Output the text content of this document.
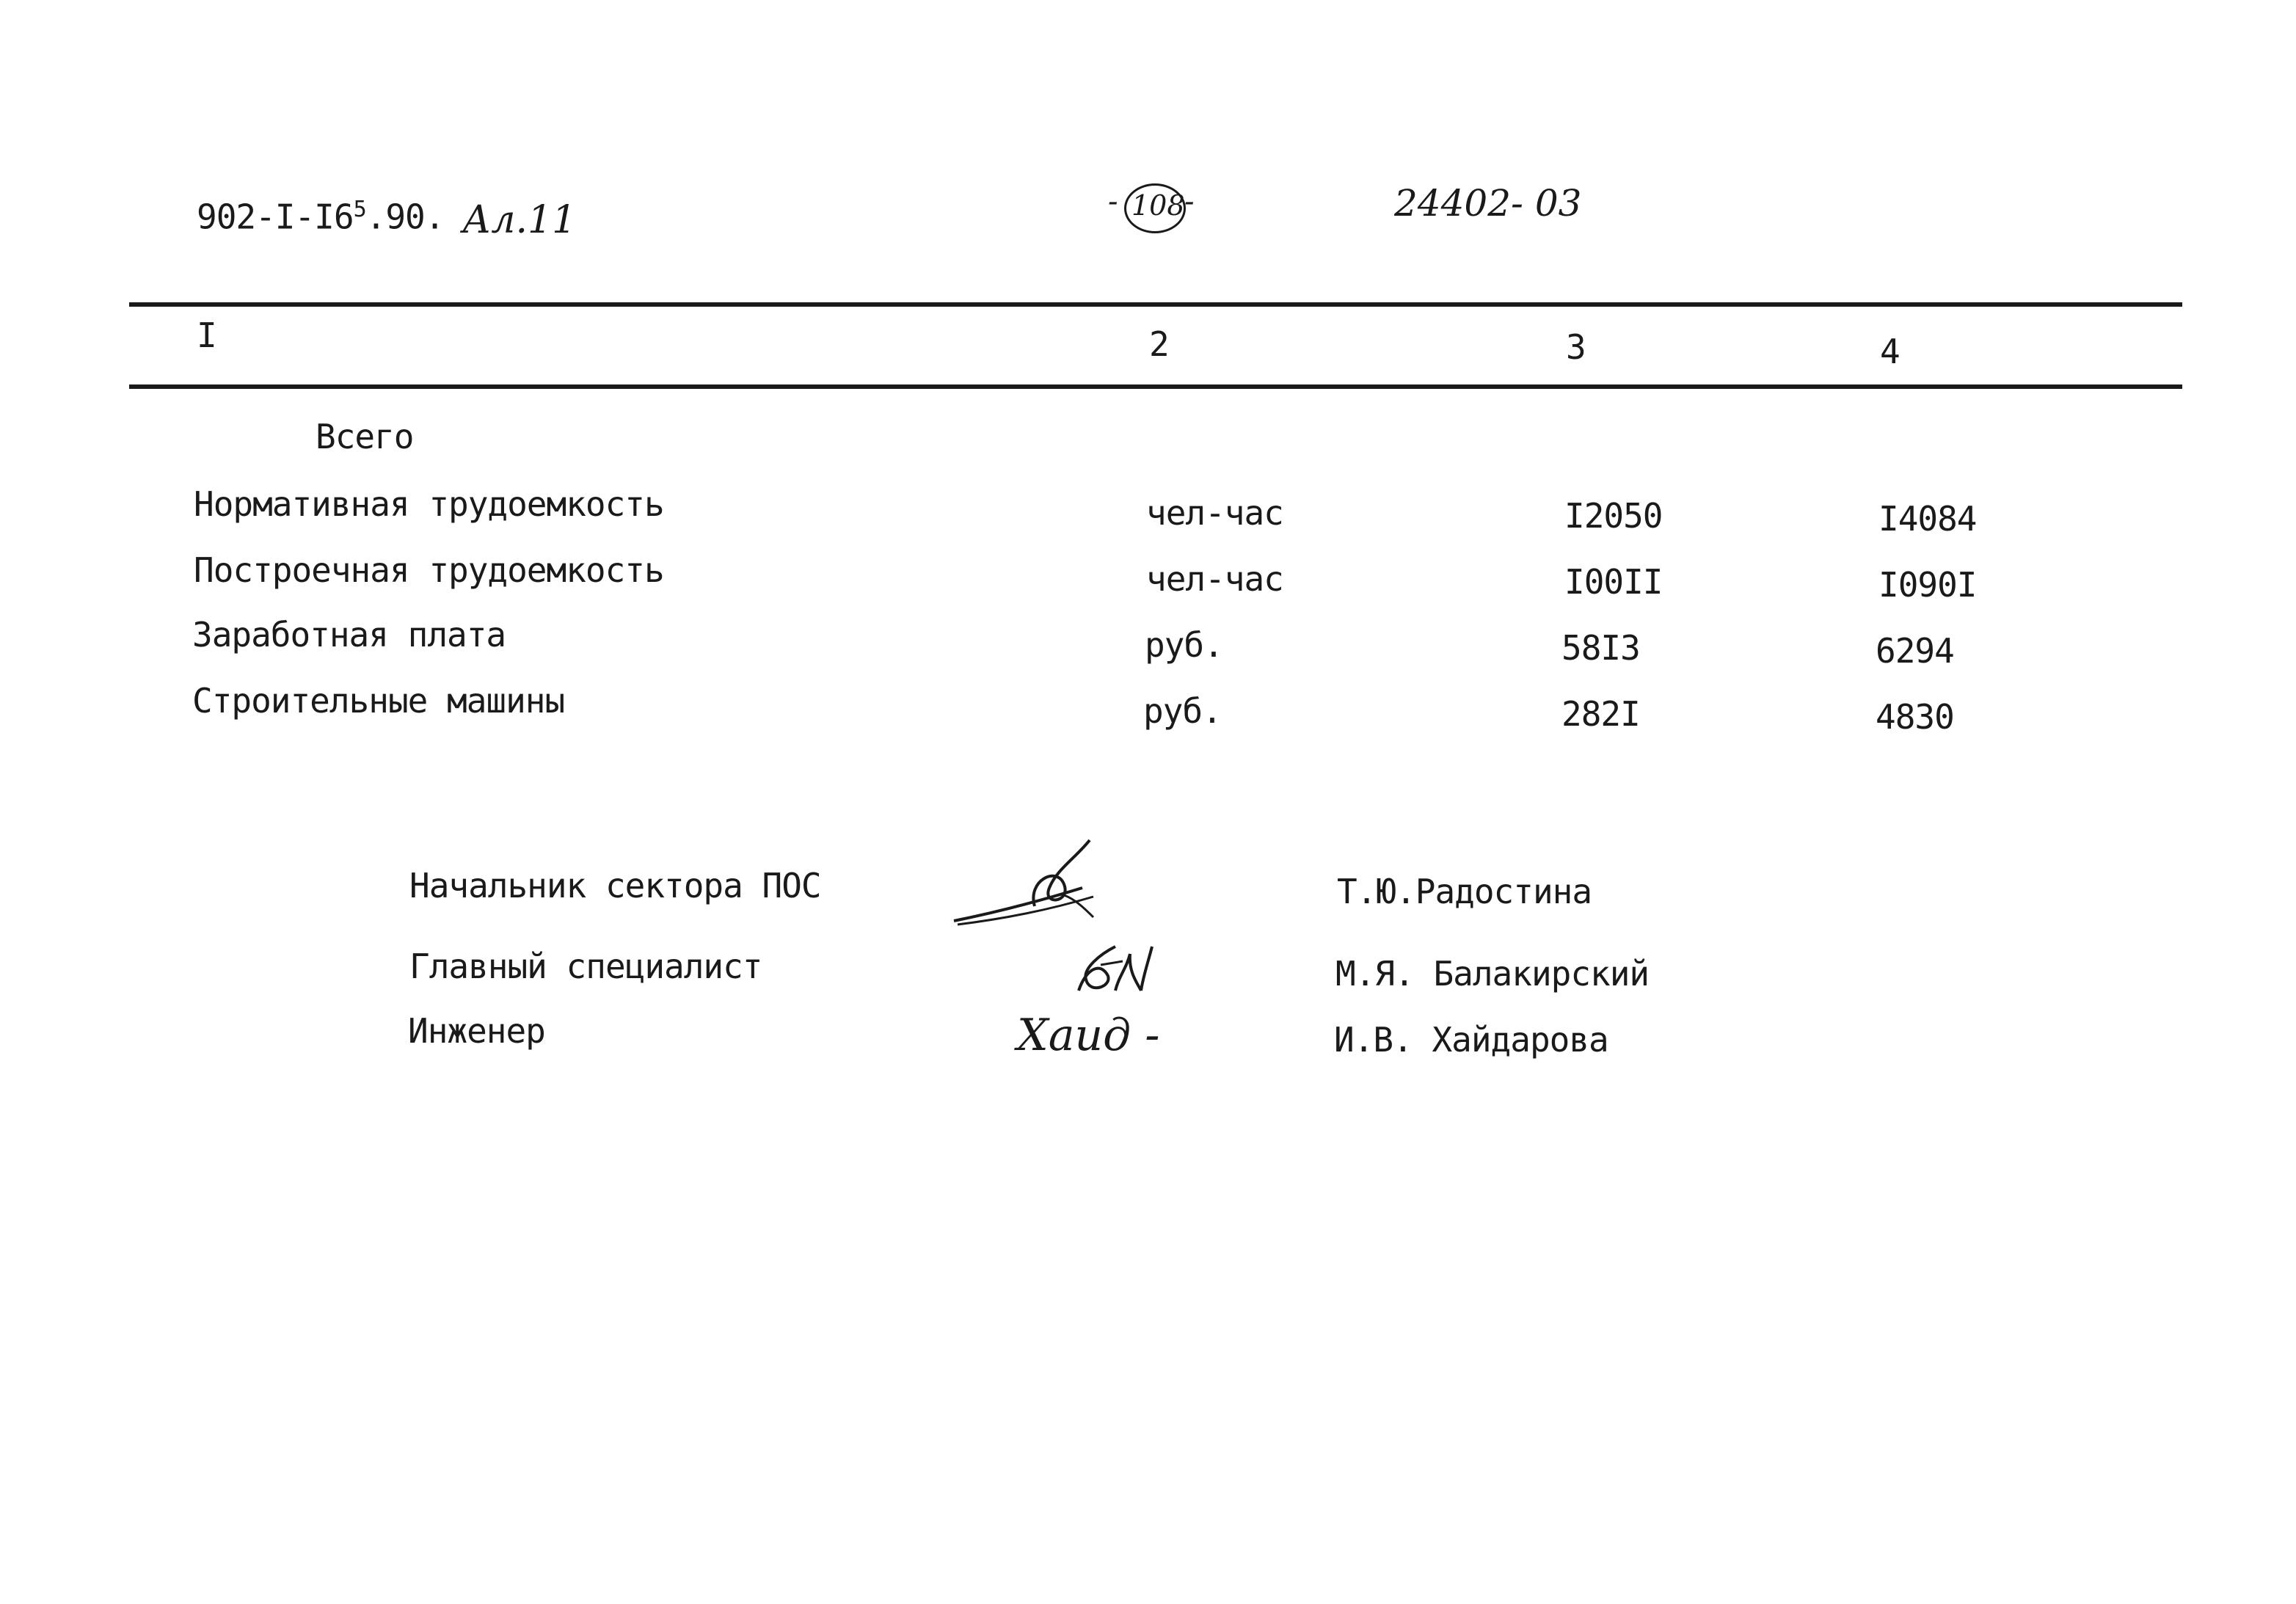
$902-I-I6^5.90$. Ал.11	- 108 -	24402- 03
I	2	3	4
Всего
Нормативная трудоемкость	чел-час	I2050	I4084
Построечная трудоемкость	чел-час	I00II	I090I
Заработная плата	руб.	58I3	6294
Строительные машины	руб.	282I	4830
Начальник сектора ПОС	Т.Ю.Радостина
Главный специалист	М.Я. Балакирский
Инженер	Хаид -	И.В. Хайдарова
